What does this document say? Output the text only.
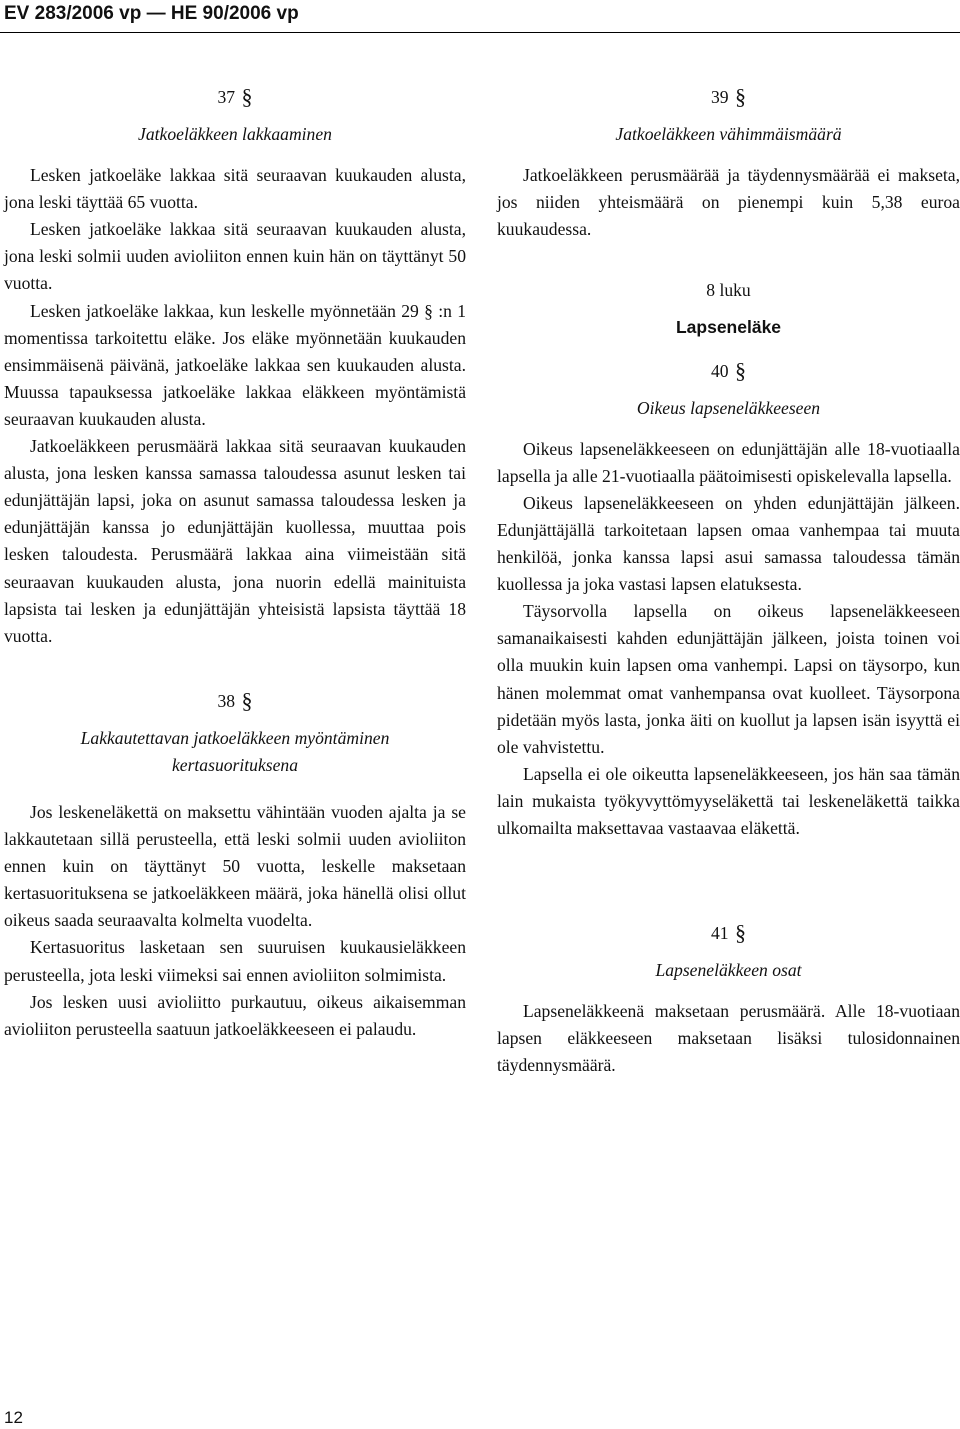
EV 283/2006 vp — HE 90/2006 vp
37 §
Jatkoeläkkeen lakkaaminen

Lesken jatkoeläke lakkaa sitä seuraavan kuukauden alusta, jona leski täyttää 65 vuotta.

Lesken jatkoeläke lakkaa sitä seuraavan kuukauden alusta, jona leski solmii uuden avioliiton ennen kuin hän on täyttänyt 50 vuotta.

Lesken jatkoeläke lakkaa, kun leskelle myönnetään 29 § :n 1 momentissa tarkoitettu eläke. Jos eläke myönnetään kuukauden ensimmäisenä päivänä, jatkoeläke lakkaa sen kuukauden alusta. Muussa tapauksessa jatkoeläke lakkaa eläkkeen myöntämistä seuraavan kuukauden alusta.

Jatkoeläkkeen perusmäärä lakkaa sitä seuraavan kuukauden alusta, jona lesken kanssa samassa taloudessa asunut lesken tai edunjättäjän lapsi, joka on asunut samassa taloudessa lesken ja edunjättäjän kanssa jo edunjättäjän kuollessa, muuttaa pois lesken taloudesta. Perusmäärä lakkaa aina viimeistään sitä seuraavan kuukauden alusta, jona nuorin edellä mainituista lapsista tai lesken ja edunjättäjän yhteisistä lapsista täyttää 18 vuotta.

38 §
Lakkautettavan jatkoeläkkeen myöntäminen
kertasuorituksena

Jos leskeneläkettä on maksettu vähintään vuoden ajalta ja se lakkautetaan sillä perusteella, että leski solmii uuden avioliiton ennen kuin on täyttänyt 50 vuotta, leskelle maksetaan kertasuorituksena se jatkoeläkkeen määrä, joka hänellä olisi ollut oikeus saada seuraavalta kolmelta vuodelta.

Kertasuoritus lasketaan sen suuruisen kuukausieläkkeen perusteella, jota leski viimeksi sai ennen avioliiton solmimista.

Jos lesken uusi avioliitto purkautuu, oikeus aikaisemman avioliiton perusteella saatuun jatkoeläkkeeseen ei palaudu.

39 §
Jatkoeläkkeen vähimmäismäärä

Jatkoeläkkeen perusmäärää ja täydennysmäärää ei makseta, jos niiden yhteismäärä on pienempi kuin 5,38 euroa kuukaudessa.

8 luku
Lapseneläke
40 §
Oikeus lapseneläkkeeseen

Oikeus lapseneläkkeeseen on edunjättäjän alle 18-vuotiaalla lapsella ja alle 21-vuotiaalla päätoimisesti opiskelevalla lapsella.

Oikeus lapseneläkkeeseen on yhden edunjättäjän jälkeen. Edunjättäjällä tarkoitetaan lapsen omaa vanhempaa tai muuta henkilöä, jonka kanssa lapsi asui samassa taloudessa tämän kuollessa ja joka vastasi lapsen elatuksesta.

Täysorvolla lapsella on oikeus lapseneläkkeeseen samanaikaisesti kahden edunjättäjän jälkeen, joista toinen voi olla muukin kuin lapsen oma vanhempi. Lapsi on täysorpo, kun hänen molemmat omat vanhempansa ovat kuolleet. Täysorpona pidetään myös lasta, jonka äiti on kuollut ja lapsen isän isyyttä ei ole vahvistettu.

Lapsella ei ole oikeutta lapseneläkkeeseen, jos hän saa tämän lain mukaista työkyvyttömyyseläkettä tai leskeneläkettä taikka ulkomailta maksettavaa vastaavaa eläkettä.

41 §
Lapseneläkkeen osat

Lapseneläkkeenä maksetaan perusmäärä. Alle 18-vuotiaan lapsen eläkkeeseen maksetaan lisäksi tulosidonnainen täydennysmäärä.

12
